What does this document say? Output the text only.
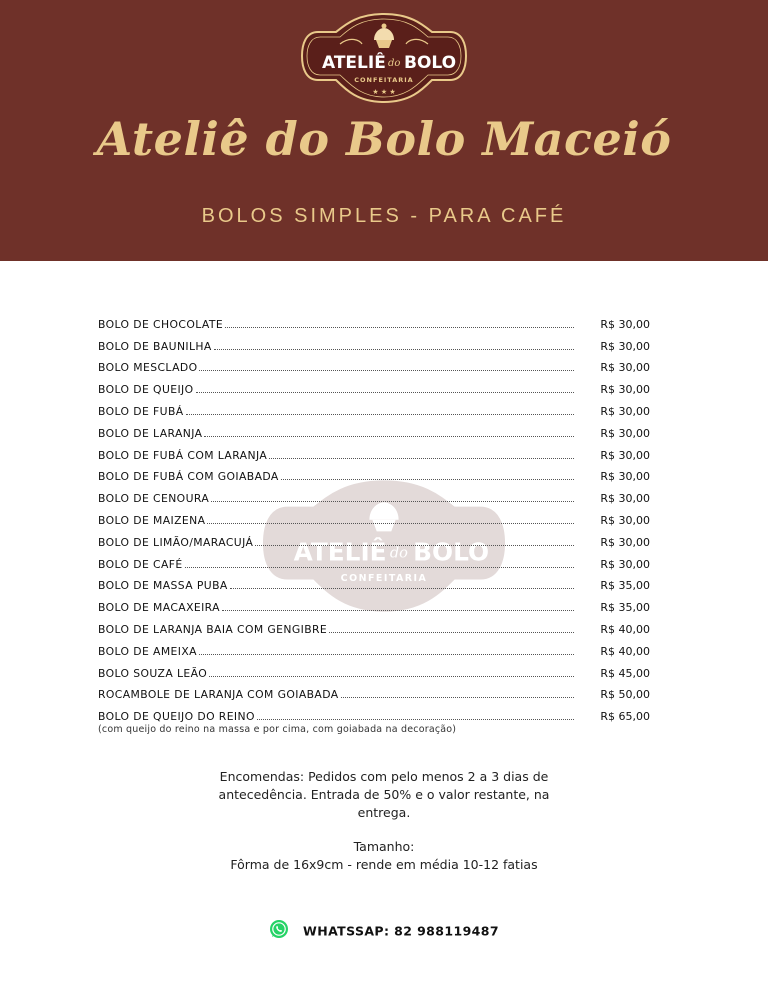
ATELIÊ do BOLO
CONFEITARIA
★ ★ ★
Ateliê do Bolo Maceió
BOLOS SIMPLES - PARA CAFÉ
ATELIÊ do BOLO
CONFEITARIA
BOLO DE CHOCOLATE	R$ 30,00
BOLO DE BAUNILHA	R$ 30,00
BOLO MESCLADO	R$ 30,00
BOLO DE QUEIJO	R$ 30,00
BOLO DE FUBÁ	R$ 30,00
BOLO DE LARANJA	R$ 30,00
BOLO DE FUBÁ COM LARANJA	R$ 30,00
BOLO DE FUBÁ COM GOIABADA	R$ 30,00
BOLO DE CENOURA	R$ 30,00
BOLO DE MAIZENA	R$ 30,00
BOLO DE LIMÃO/MARACUJÁ	R$ 30,00
BOLO DE CAFÉ	R$ 30,00
BOLO DE MASSA PUBA	R$ 35,00
BOLO DE MACAXEIRA	R$ 35,00
BOLO DE LARANJA BAIA COM GENGIBRE	R$ 40,00
BOLO DE AMEIXA	R$ 40,00
BOLO SOUZA LEÃO	R$ 45,00
ROCAMBOLE DE LARANJA COM GOIABADA	R$ 50,00
BOLO DE QUEIJO DO REINO	R$ 65,00
(com queijo do reino na massa e por cima, com goiabada na decoração)

Encomendas: Pedidos com pelo menos 2 a 3 dias de antecedência. Entrada de 50% e o valor restante, na entrega.

Tamanho:

Fôrma de 16x9cm - rende em média 10-12 fatias

WHATSSAP: 82 988119487
